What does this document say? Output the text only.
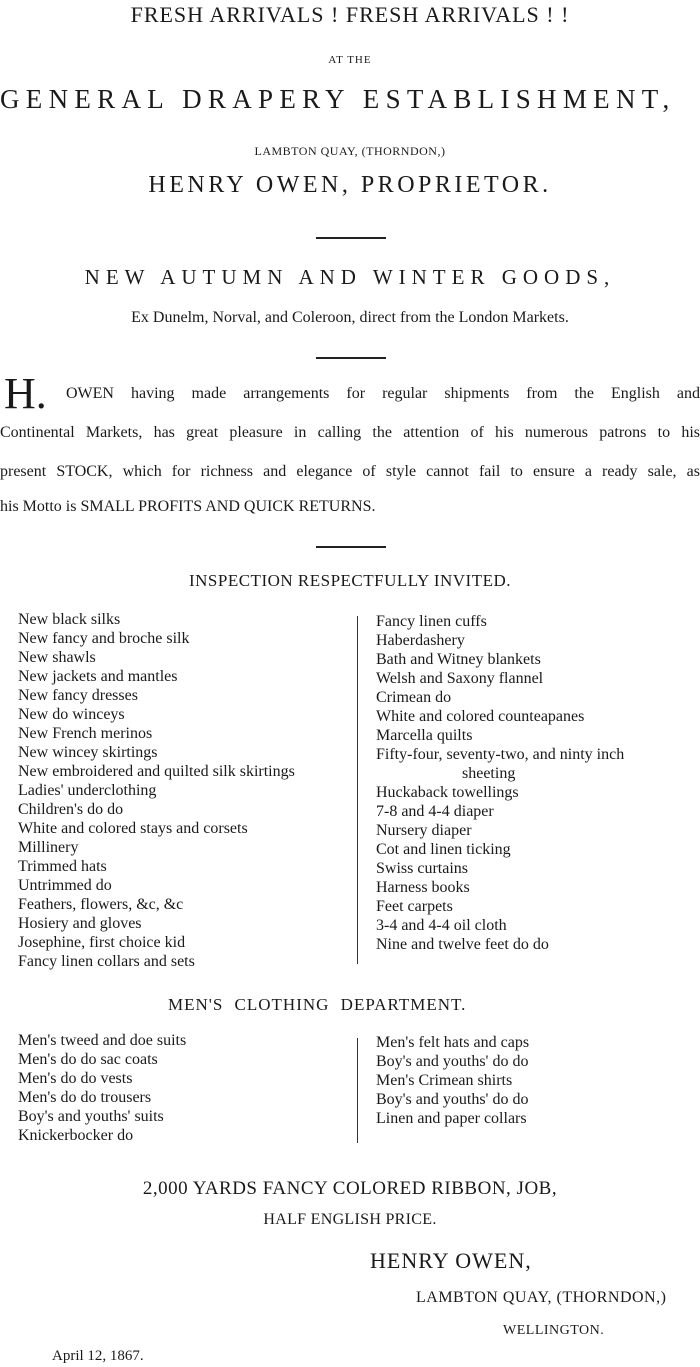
FRESH ARRIVALS ! FRESH ARRIVALS ! !
AT THE
GENERAL DRAPERY ESTABLISHMENT,
LAMBTON QUAY, (THORNDON,)
HENRY OWEN, PROPRIETOR.
NEW AUTUMN AND WINTER GOODS,
Ex Dunelm, Norval, and Coleroon, direct from the London Markets.
H. OWEN having made arrangements for regular shipments from the English and
Continental Markets, has great pleasure in calling the attention of his numerous patrons to his
present STOCK, which for richness and elegance of style cannot fail to ensure a ready sale, as
his Motto is SMALL PROFITS AND QUICK RETURNS.
INSPECTION RESPECTFULLY INVITED.
New black silks
New fancy and broche silk
New shawls
New jackets and mantles
New fancy dresses
New do winceys
New French merinos
New wincey skirtings
New embroidered and quilted silk skirtings
Ladies' underclothing
Children's do do
White and colored stays and corsets
Millinery
Trimmed hats
Untrimmed do
Feathers, flowers, &c, &c
Hosiery and gloves
Josephine, first choice kid
Fancy linen collars and sets
Fancy linen cuffs
Haberdashery
Bath and Witney blankets
Welsh and Saxony flannel
Crimean do
White and colored counteapanes
Marcella quilts
Fifty-four, seventy-two, and ninty inch
sheeting
Huckaback towellings
7-8 and 4-4 diaper
Nursery diaper
Cot and linen ticking
Swiss curtains
Harness books
Feet carpets
3-4 and 4-4 oil cloth
Nine and twelve feet do do
MEN'S CLOTHING DEPARTMENT.
Men's tweed and doe suits
Men's do do sac coats
Men's do do vests
Men's do do trousers
Boy's and youths' suits
Knickerbocker do
Men's felt hats and caps
Boy's and youths' do do
Men's Crimean shirts
Boy's and youths' do do
Linen and paper collars
2,000 YARDS FANCY COLORED RIBBON, JOB,
HALF ENGLISH PRICE.
HENRY OWEN,
LAMBTON QUAY, (THORNDON,)
WELLINGTON.
April 12, 1867.
